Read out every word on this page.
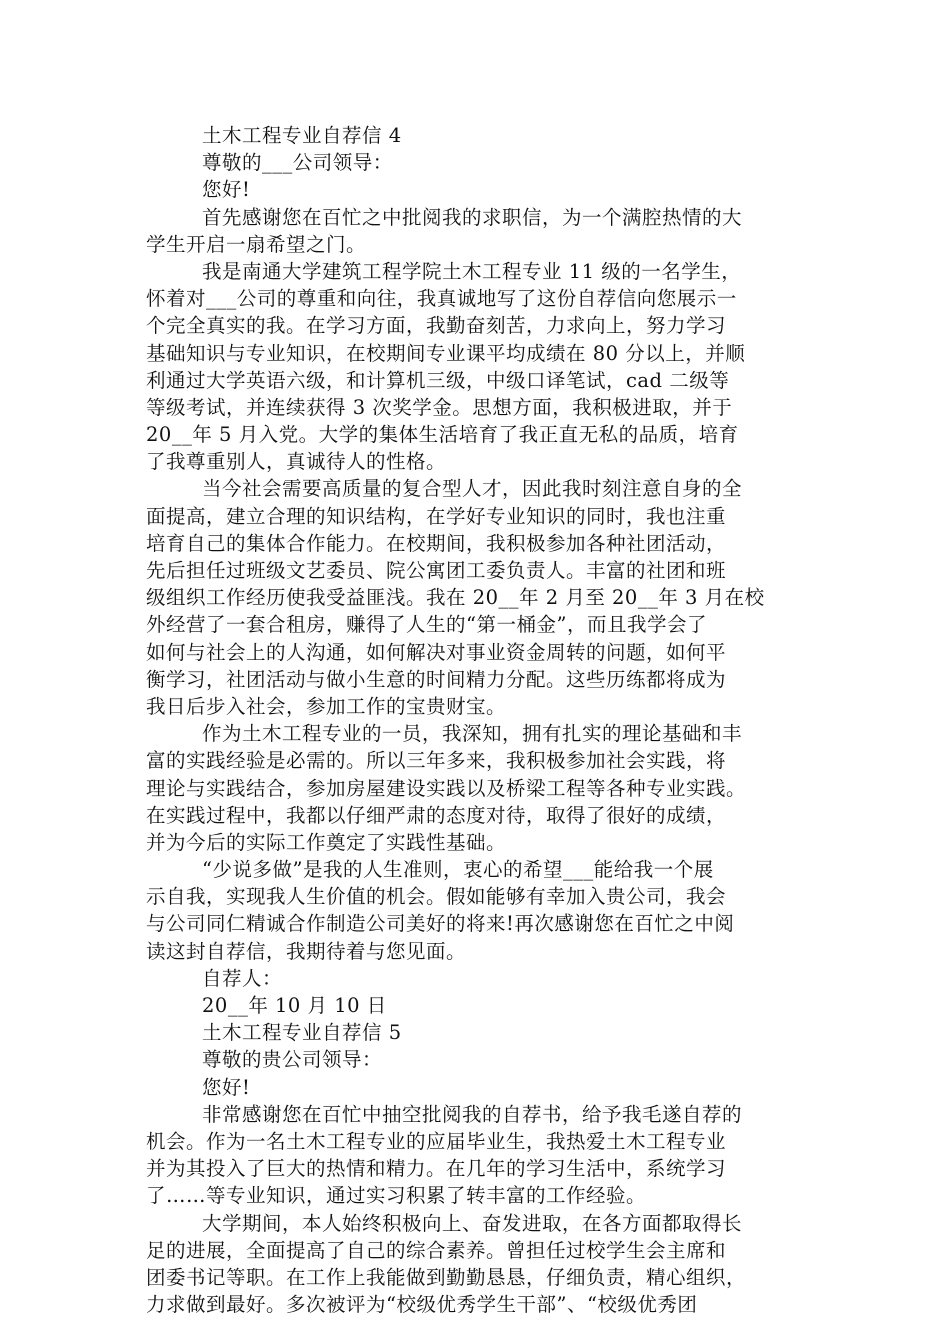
土木工程专业自荐信 4
尊敬的___公司领导：
您好!
首先感谢您在百忙之中批阅我的求职信，为一个满腔热情的大
学生开启一扇希望之门。
我是南通大学建筑工程学院土木工程专业 11 级的一名学生，
怀着对___公司的尊重和向往，我真诚地写了这份自荐信向您展示一
个完全真实的我。在学习方面，我勤奋刻苦，力求向上，努力学习
基础知识与专业知识，在校期间专业课平均成绩在 80 分以上，并顺
利通过大学英语六级，和计算机三级，中级口译笔试，cad 二级等
等级考试，并连续获得 3 次奖学金。思想方面，我积极进取，并于
20__年 5 月入党。大学的集体生活培育了我正直无私的品质，培育
了我尊重别人，真诚待人的性格。
当今社会需要高质量的复合型人才，因此我时刻注意自身的全
面提高，建立合理的知识结构，在学好专业知识的同时，我也注重
培育自己的集体合作能力。在校期间，我积极参加各种社团活动，
先后担任过班级文艺委员、院公寓团工委负责人。丰富的社团和班
级组织工作经历使我受益匪浅。我在 20__年 2 月至 20__年 3 月在校
外经营了一套合租房，赚得了人生的“第一桶金”，而且我学会了
如何与社会上的人沟通，如何解决对事业资金周转的问题，如何平
衡学习，社团活动与做小生意的时间精力分配。这些历练都将成为
我日后步入社会，参加工作的宝贵财宝。
作为土木工程专业的一员，我深知，拥有扎实的理论基础和丰
富的实践经验是必需的。所以三年多来，我积极参加社会实践，将
理论与实践结合，参加房屋建设实践以及桥梁工程等各种专业实践。
在实践过程中，我都以仔细严肃的态度对待，取得了很好的成绩，
并为今后的实际工作奠定了实践性基础。
“少说多做”是我的人生准则，衷心的希望___能给我一个展
示自我，实现我人生价值的机会。假如能够有幸加入贵公司，我会
与公司同仁精诚合作制造公司美好的将来!再次感谢您在百忙之中阅
读这封自荐信，我期待着与您见面。
自荐人：
20__年 10 月 10 日
土木工程专业自荐信 5
尊敬的贵公司领导：
您好!
非常感谢您在百忙中抽空批阅我的自荐书，给予我毛遂自荐的
机会。作为一名土木工程专业的应届毕业生，我热爱土木工程专业
并为其投入了巨大的热情和精力。在几年的学习生活中，系统学习
了……等专业知识，通过实习积累了转丰富的工作经验。
大学期间，本人始终积极向上、奋发进取，在各方面都取得长
足的进展，全面提高了自己的综合素养。曾担任过校学生会主席和
团委书记等职。在工作上我能做到勤勤恳恳，仔细负责，精心组织，
力求做到最好。多次被评为“校级优秀学生干部”、“校级优秀团
